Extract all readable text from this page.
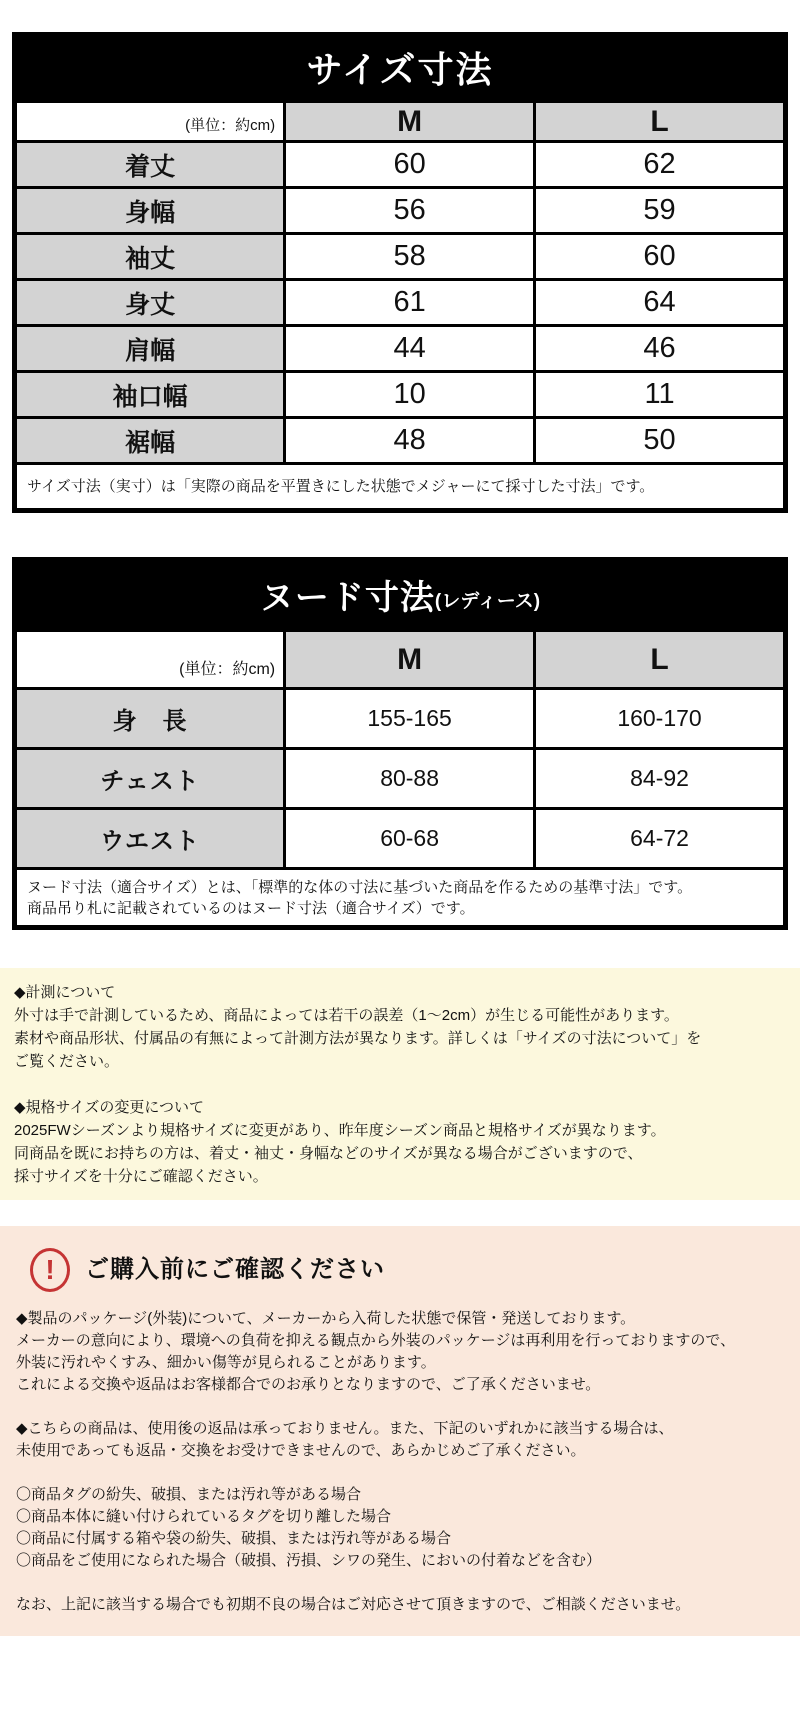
サイズ寸法
(単位：約cm)	M	L
着丈	60	62
身幅	56	59
袖丈	58	60
身丈	61	64
肩幅	44	46
袖口幅	10	11
裾幅	48	50
サイズ寸法（実寸）は「実際の商品を平置きにした状態でメジャーにて採寸した寸法」です。		
ヌード寸法 (レディース)
(単位：約cm)	M	L
身　長	155-165	160-170
チェスト	80-88	84-92
ウエスト	60-68	64-72

ヌード寸法（適合サイズ）とは、「標準的な体の寸法に基づいた商品を作るための基準寸法」です。
商品吊り札に記載されているのはヌード寸法（適合サイズ）です。		
◆計測について
外寸は手で計測しているため、商品によっては若干の誤差（1～2cm）が生じる可能性があります。
素材や商品形状、付属品の有無によって計測方法が異なります。詳しくは「サイズの寸法について」を
ご覧ください。
◆規格サイズの変更について
2025FWシーズンより規格サイズに変更があり、昨年度シーズン商品と規格サイズが異なります。
同商品を既にお持ちの方は、着丈・袖丈・身幅などのサイズが異なる場合がございますので、
採寸サイズを十分にご確認ください。
!	ご購入前にご確認ください
◆製品のパッケージ(外装)について、メーカーから入荷した状態で保管・発送しております。
メーカーの意向により、環境への負荷を抑える観点から外装のパッケージは再利用を行っておりますので、
外装に汚れやくすみ、細かい傷等が見られることがあります。
これによる交換や返品はお客様都合でのお承りとなりますので、ご了承くださいませ。
◆こちらの商品は、使用後の返品は承っておりません。また、下記のいずれかに該当する場合は、
未使用であっても返品・交換をお受けできませんので、あらかじめご了承ください。
〇商品タグの紛失、破損、または汚れ等がある場合
〇商品本体に縫い付けられているタグを切り離した場合
〇商品に付属する箱や袋の紛失、破損、または汚れ等がある場合
〇商品をご使用になられた場合（破損、汚損、シワの発生、においの付着などを含む）
なお、上記に該当する場合でも初期不良の場合はご対応させて頂きますので、ご相談くださいませ。
